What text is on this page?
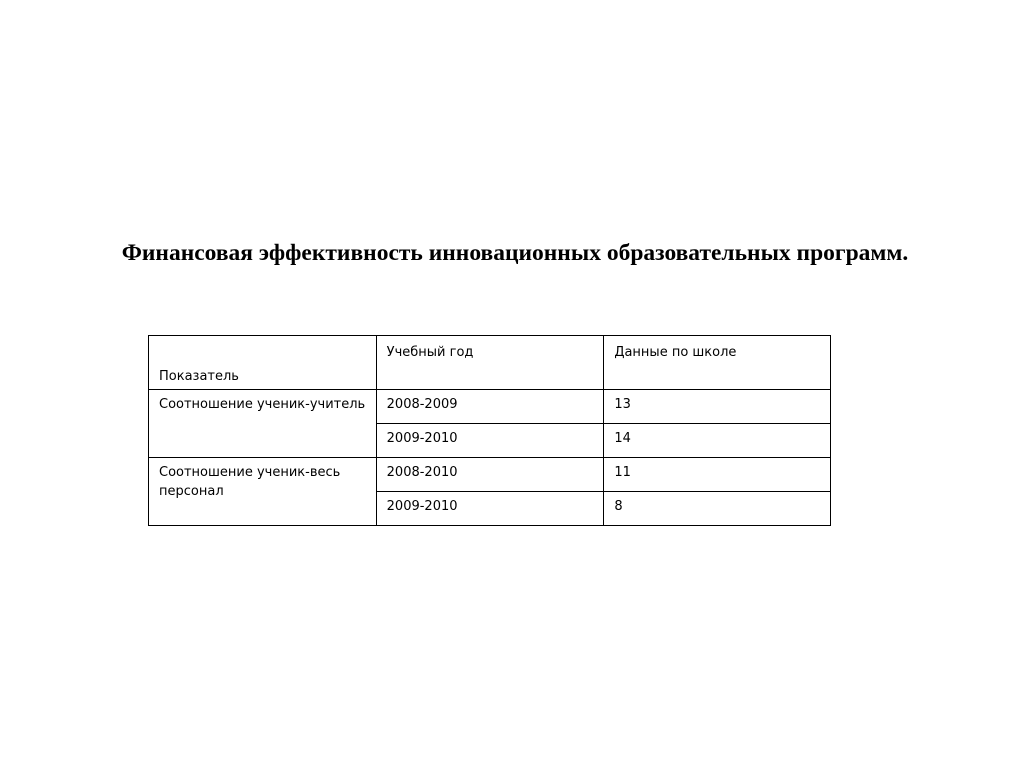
Финансовая эффективность инновационных образовательных программ.
Показатель	Учебный год	Данные по школе
Соотношение ученик-учитель	2008-2009	13
	2009-2010	14
Соотношение ученик-весь персонал	2008-2010	11
	2009-2010	8
